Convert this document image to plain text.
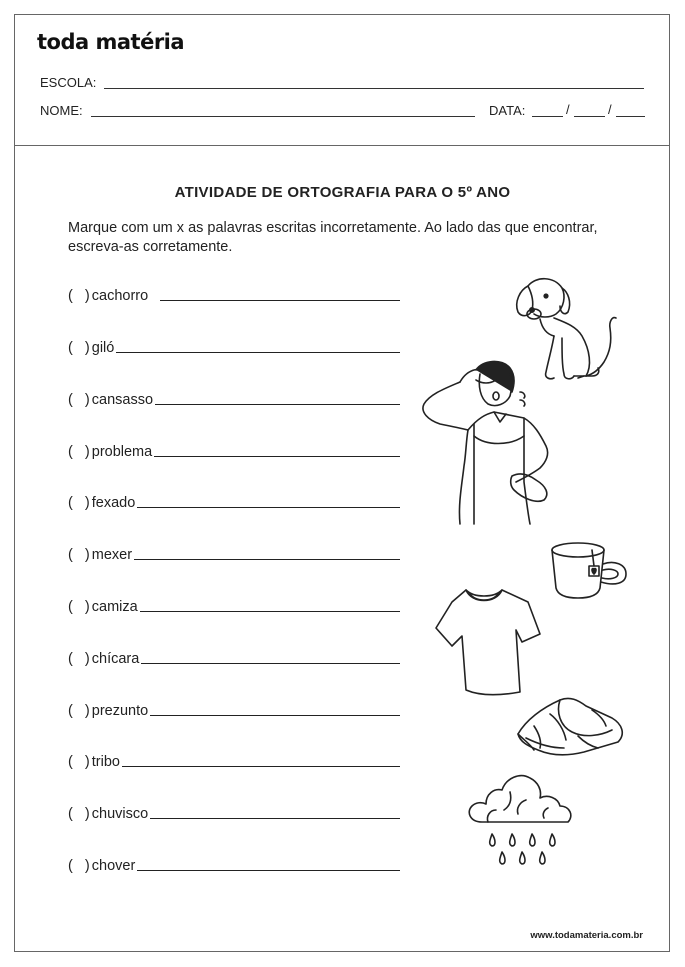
toda matéria
ESCOLA:
NOME:	DATA:	/	/
ATIVIDADE DE ORTOGRAFIA PARA O 5º ANO
Marque com um x as palavras escritas incorretamente. Ao lado das que encontrar, escreva-as corretamente.
(   ) cachorro
(   ) giló
(   ) cansasso
(   ) problema
(   ) fexado
(   ) mexer
(   ) camiza
(   ) chícara
(   ) prezunto
(   ) tribo
(   ) chuvisco
(   ) chover
www.todamateria.com.br
